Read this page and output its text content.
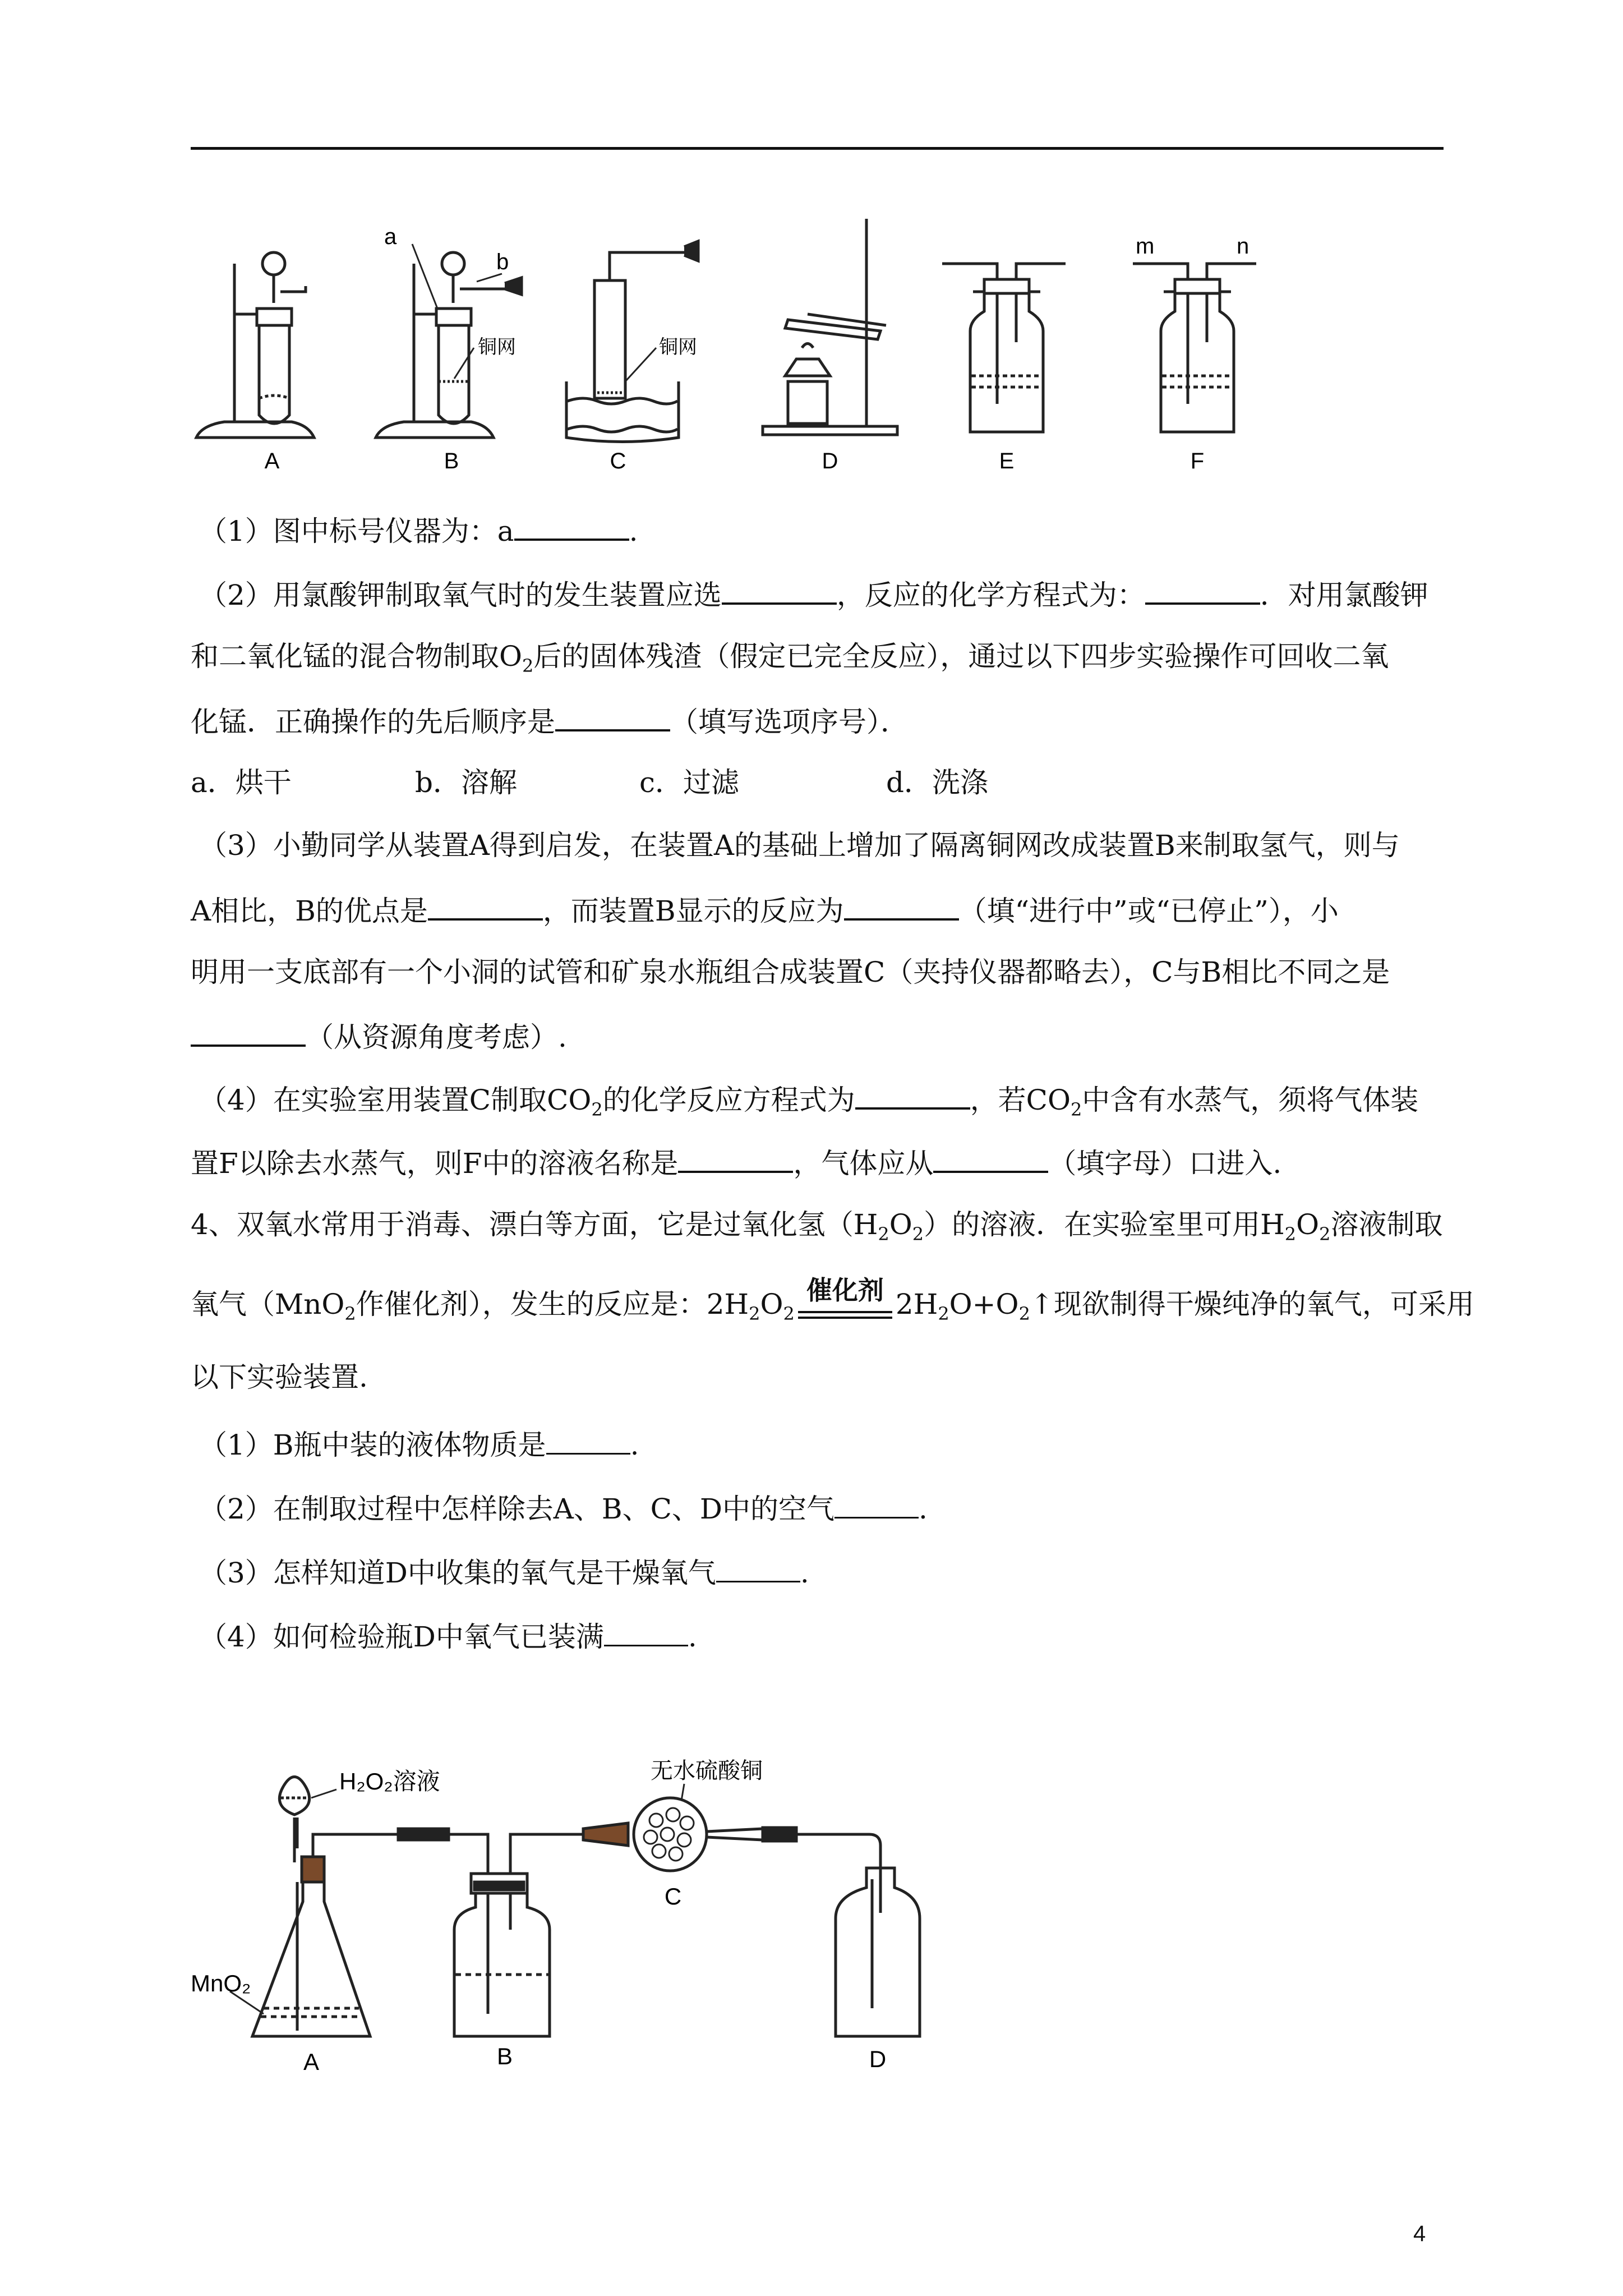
A
a
b
铜网
B
铜网
C	D	E
m	n
F
（1）图中标号仪器为：a	.
（2）用氯酸钾制取氧气时的发生装置应选	，反应的化学方程式为：	．对用氯酸钾
和二氧化锰的混合物制取$O_2$后的固体残渣（假定已完全反应），通过以下四步实验操作可回收二氧
化锰．正确操作的先后顺序是	（填写选项序号）．
a．烘干	b．溶解	c．过滤	d．洗涤
（3）小勤同学从装置A得到启发，在装置A的基础上增加了隔离铜网改成装置B来制取氢气，则与
A相比，B的优点是	，而装置B显示的反应为	（填“进行中”或“已停止”），小
明用一支底部有一个小洞的试管和矿泉水瓶组合成装置C（夹持仪器都略去），C与B相比不同之是
（从资源角度考虑）.
（4）在实验室用装置C制取$CO_2$的化学反应方程式为	，若$CO_2$中含有水蒸气，须将气体装
置F以除去水蒸气，则F中的溶液名称是	，气体应从	（填字母）口进入.
4、双氧水常用于消毒、漂白等方面，它是过氧化氢$(H_2O_2)$的溶液．在实验室里可用$H_2O_2$溶液制取
氧气（MnO$_2$作催化剂），发生的反应是：$2H_2O_2$
催化剂 $2H_2O+O_2↑$现欲制得干燥纯净的氧气，可采用
以下实验装置.
（1）B瓶中装的液体物质是	.
（2）在制取过程中怎样除去A、B、C、D中的空气	.
（3）怎样知道D中收集的氧气是干燥氧气	.
（4）如何检验瓶D中氧气已装满	.
H₂O₂溶液	无水硫酸铜
MnO₂
A	B
C
D
4
